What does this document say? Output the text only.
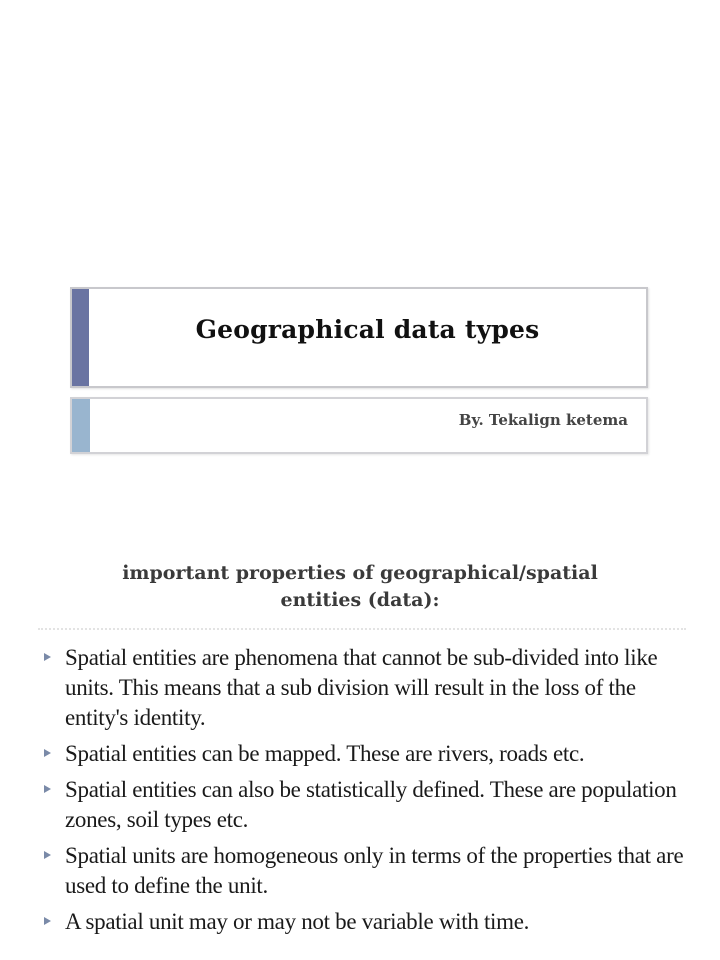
Geographical data types
By. Tekalign ketema
important properties of geographical/spatial
entities (data):
Spatial entities are phenomena that cannot be sub-divided into like units. This means that a sub division will result in the loss of the entity's identity.
Spatial entities can be mapped. These are rivers, roads etc.
Spatial entities can also be statistically defined. These are population zones, soil types etc.
Spatial units are homogeneous only in terms of the properties that are used to define the unit.
A spatial unit may or may not be variable with time.
